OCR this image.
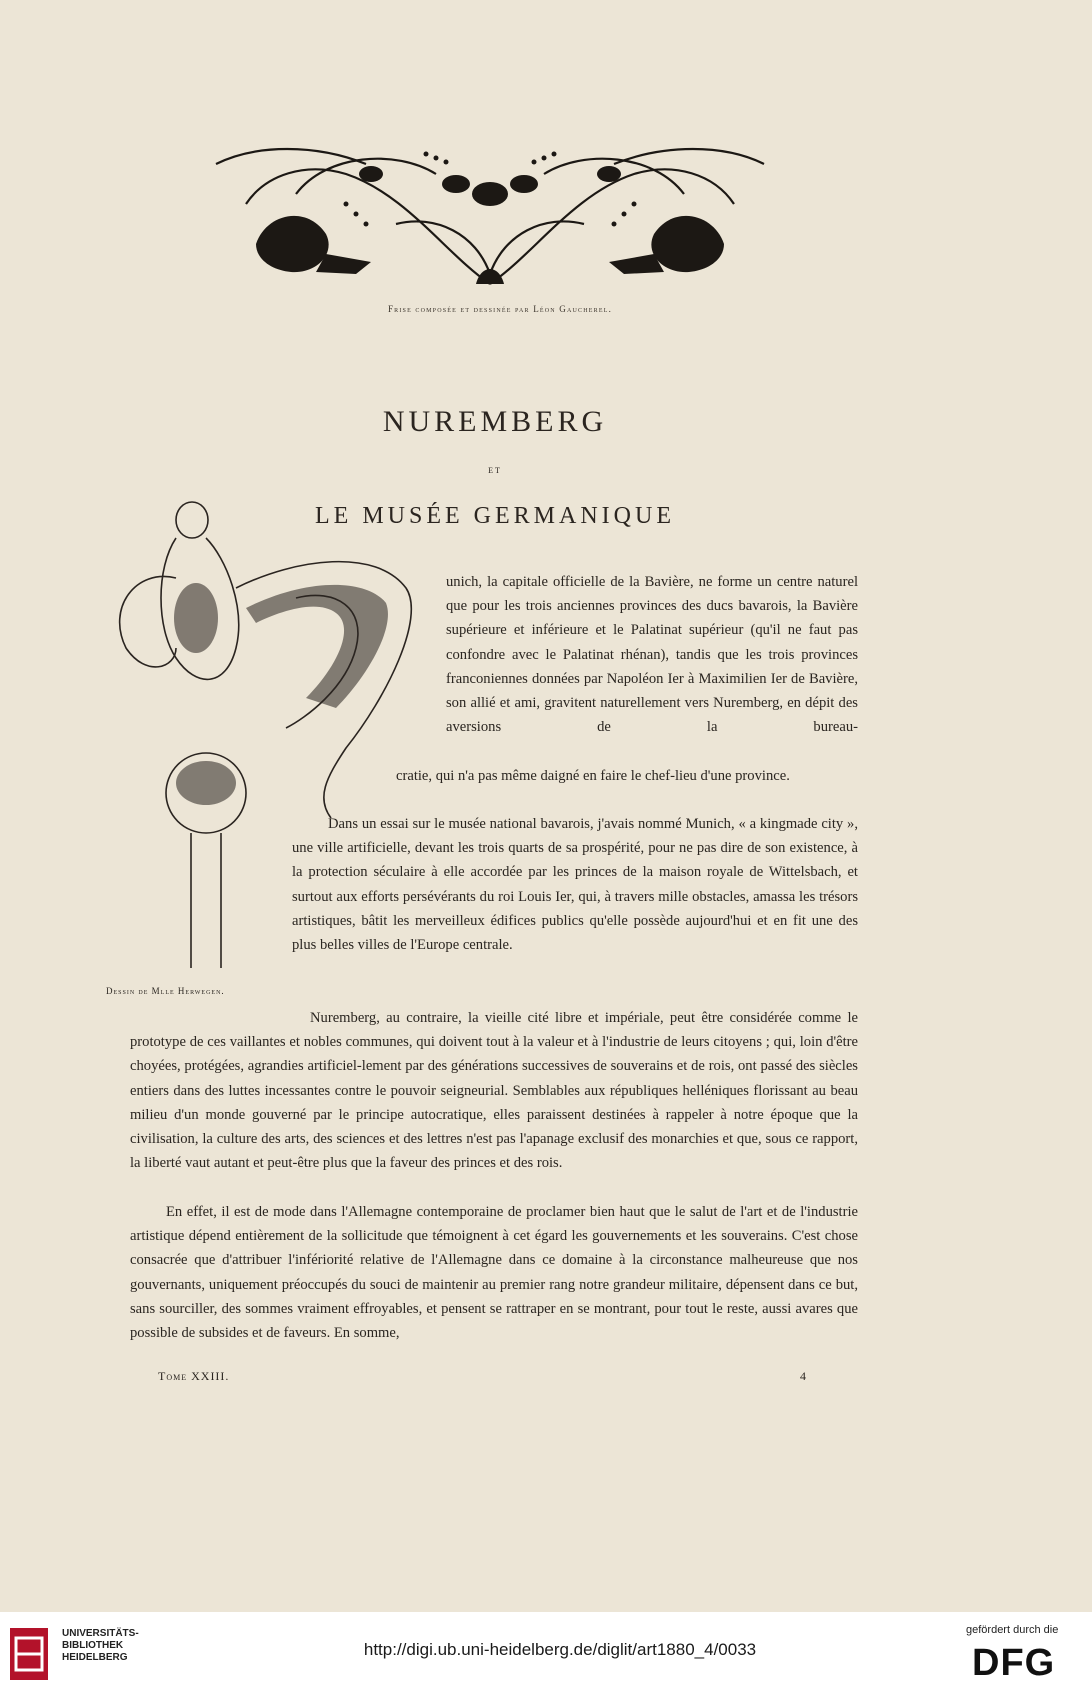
Frise composée et dessinée par Léon Gaucherel.
NUREMBERG
ET
LE MUSÉE GERMANIQUE
Dessin de Mlle Herwegen.

unich, la capitale officielle de la Bavière, ne forme un centre naturel que pour les trois anciennes provinces des ducs bavarois, la Bavière supérieure et inférieure et le Palatinat supérieur (qu'il ne faut pas confondre avec le Palatinat rhénan), tandis que les trois provinces franconiennes données par Napoléon Ier à Maximilien Ier de Bavière, son allié et ami, gravitent naturellement vers Nuremberg, en dépit des aversions de la bureau-

cratie, qui n'a pas même daigné en faire le chef-lieu d'une province.

Dans un essai sur le musée national bavarois, j'avais nommé Munich, « a kingmade city », une ville artificielle, devant les trois quarts de sa prospérité, pour ne pas dire de son existence, à la protection séculaire à elle accordée par les princes de la maison royale de Wittelsbach, et surtout aux efforts persévérants du roi Louis Ier, qui, à travers mille obstacles, amassa les trésors artistiques, bâtit les merveilleux édifices publics qu'elle possède aujourd'hui et en fit une des plus belles villes de l'Europe centrale.

Nuremberg, au contraire, la vieille cité libre et impériale, peut être considérée comme le prototype de ces vaillantes et nobles communes, qui doivent tout à la valeur et à l'industrie de leurs citoyens ; qui, loin d'être choyées, protégées, agrandies artificiel-lement par des générations successives de souverains et de rois, ont passé des siècles entiers dans des luttes incessantes contre le pouvoir seigneurial. Semblables aux républiques helléniques florissant au beau milieu d'un monde gouverné par le principe autocratique, elles paraissent destinées à rappeler à notre époque que la civilisation, la culture des arts, des sciences et des lettres n'est pas l'apanage exclusif des monarchies et que, sous ce rapport, la liberté vaut autant et peut-être plus que la faveur des princes et des rois.

En effet, il est de mode dans l'Allemagne contemporaine de proclamer bien haut que le salut de l'art et de l'industrie artistique dépend entièrement de la sollicitude que témoignent à cet égard les gouvernements et les souverains. C'est chose consacrée que d'attribuer l'infériorité relative de l'Allemagne dans ce domaine à la circonstance malheureuse que nos gouvernants, uniquement préoccupés du souci de maintenir au premier rang notre grandeur militaire, dépensent dans ce but, sans sourciller, des sommes vraiment effroyables, et pensent se rattraper en se montrant, pour tout le reste, aussi avares que possible de subsides et de faveurs. En somme,

Tome XXIII.	4
UNIVERSITÄTS-
BIBLIOTHEK
HEIDELBERG	http://digi.ub.uni-heidelberg.de/diglit/art1880_4/0033
gefördert durch die
DFG
